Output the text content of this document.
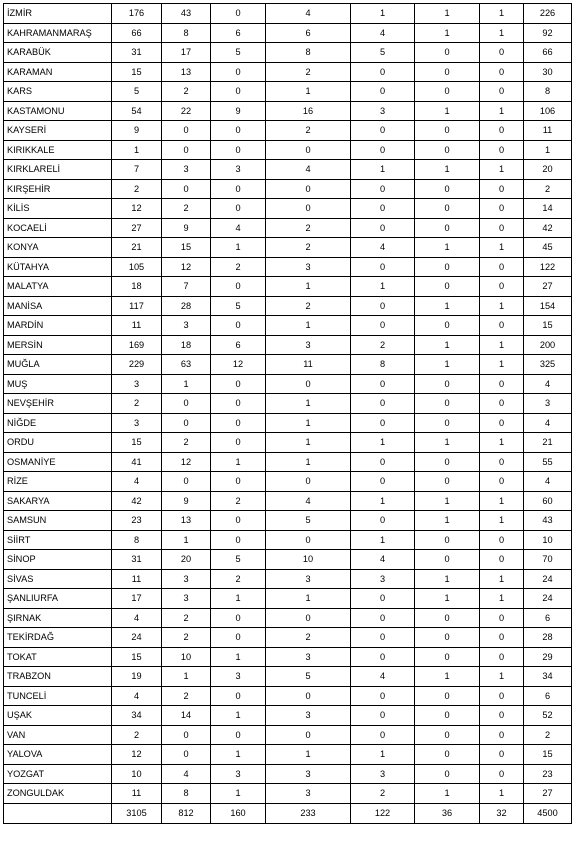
İZMİR	176	43	0	4	1	1	1	226
KAHRAMANMARAŞ	66	8	6	6	4	1	1	92
KARABÜK	31	17	5	8	5	0	0	66
KARAMAN	15	13	0	2	0	0	0	30
KARS	5	2	0	1	0	0	0	8
KASTAMONU	54	22	9	16	3	1	1	106
KAYSERİ	9	0	0	2	0	0	0	11
KIRIKKALE	1	0	0	0	0	0	0	1
KIRKLARELİ	7	3	3	4	1	1	1	20
KIRŞEHİR	2	0	0	0	0	0	0	2
KİLİS	12	2	0	0	0	0	0	14
KOCAELİ	27	9	4	2	0	0	0	42
KONYA	21	15	1	2	4	1	1	45
KÜTAHYA	105	12	2	3	0	0	0	122
MALATYA	18	7	0	1	1	0	0	27
MANİSA	117	28	5	2	0	1	1	154
MARDİN	11	3	0	1	0	0	0	15
MERSİN	169	18	6	3	2	1	1	200
MUĞLA	229	63	12	11	8	1	1	325
MUŞ	3	1	0	0	0	0	0	4
NEVŞEHİR	2	0	0	1	0	0	0	3
NİĞDE	3	0	0	1	0	0	0	4
ORDU	15	2	0	1	1	1	1	21
OSMANİYE	41	12	1	1	0	0	0	55
RİZE	4	0	0	0	0	0	0	4
SAKARYA	42	9	2	4	1	1	1	60
SAMSUN	23	13	0	5	0	1	1	43
SİİRT	8	1	0	0	1	0	0	10
SİNOP	31	20	5	10	4	0	0	70
SİVAS	11	3	2	3	3	1	1	24
ŞANLIURFA	17	3	1	1	0	1	1	24
ŞIRNAK	4	2	0	0	0	0	0	6
TEKİRDAĞ	24	2	0	2	0	0	0	28
TOKAT	15	10	1	3	0	0	0	29
TRABZON	19	1	3	5	4	1	1	34
TUNCELİ	4	2	0	0	0	0	0	6
UŞAK	34	14	1	3	0	0	0	52
VAN	2	0	0	0	0	0	0	2
YALOVA	12	0	1	1	1	0	0	15
YOZGAT	10	4	3	3	3	0	0	23
ZONGULDAK	11	8	1	3	2	1	1	27
	3105	812	160	233	122	36	32	4500
